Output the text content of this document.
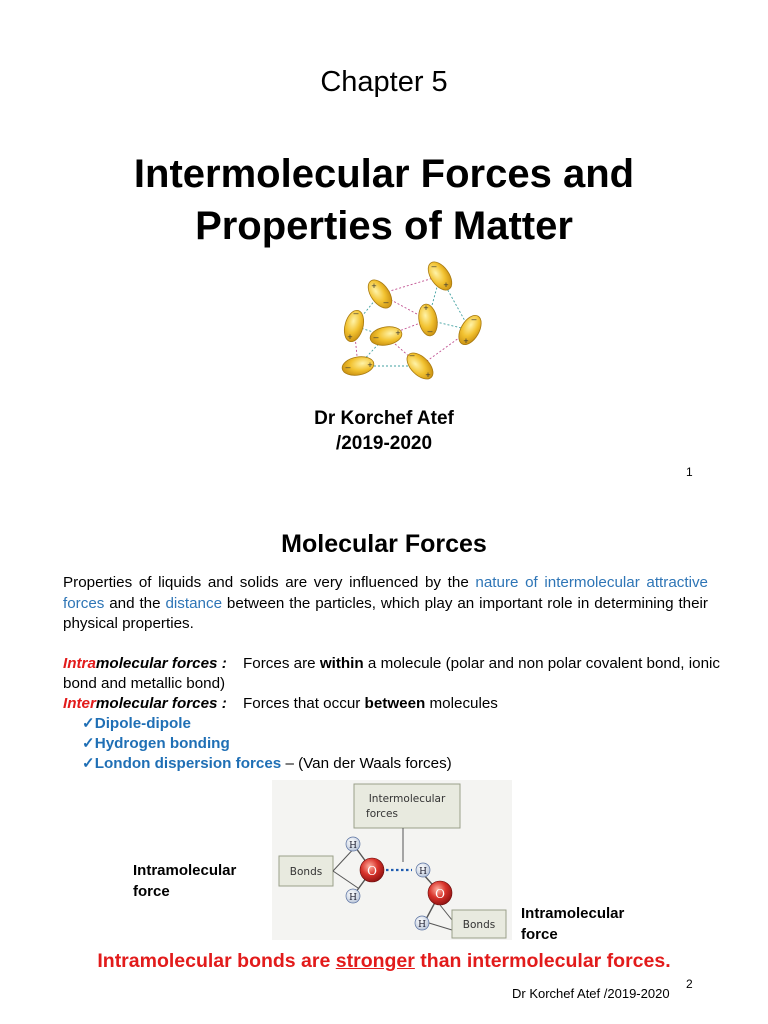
Chapter 5
Intermolecular Forces and
Properties of Matter
–
+
+
–
–
+ – +
+
–
–
+
– +
–
+
Dr Korchef Atef
/2019-2020
1
Molecular Forces
Properties of liquids and solids are very influenced by the nature of intermolecular attractive forces and the distance between the particles, which play an important role in determining their physical properties.
Intramolecular forces : Forces are within a molecule (polar and non polar covalent bond, ionic bond and metallic bond)
Intermolecular forces : Forces that occur between molecules
✓Dipole-dipole
✓Hydrogen bonding
✓London dispersion forces – (Van der Waals forces)
Intermolecular
forces
Bonds	O
H
H
H
O
H	Bonds
Intramolecular
force
Intramolecular
force
Intramolecular bonds are stronger than intermolecular forces.
Dr Korchef Atef /2019-2020
2
